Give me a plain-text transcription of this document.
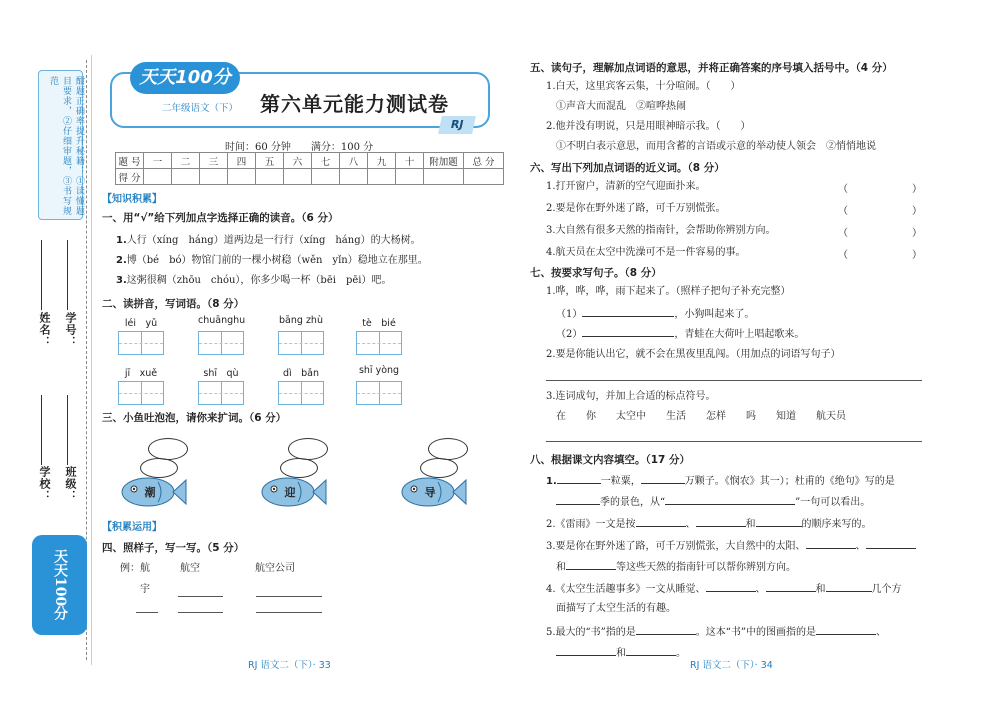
酣题正确率提升秘籍：①读懂题目要求，②仔细审题，③书写规范
姓名： 学号：
学校： 班级：
天天100分
天天100分
二年级语文（下）	第六单元能力测试卷
RJ
时间：60 分钟　　满分：100 分
题 号	一	二	三	四	五	六	七	八	九	十	附加题	总 分
得 分												
【知识积累】
一、用“√”给下列加点字选择正确的读音。（6 分）
1.人行（xíng　háng）道两边是一行行（xíng　háng）的大杨树。
2.博（bé　bó）物馆门前的一棵小树稳（wěn　yǐn）稳地立在那里。
3.这粥很稠（zhōu　chóu），你多少喝一杯（bēi　pēi）吧。
二、读拼音，写词语。（8 分）
léi　yǔ	chuānghu	bāng zhù	tè　bié
jī　xuě	shī　qù	dì　bǎn	shī yòng
三、小鱼吐泡泡，请你来扩词。（6 分）
潮	迎	导
【积累运用】
四、照样子，写一写。（5 分）
例：航	航空	航空公司
宇
RJ 语文二（下）· 33
五、读句子，理解加点词语的意思，并将正确答案的序号填入括号中。（4 分）
1.白天，这里宾客云集，十分喧闹。（　　）
①声音大而混乱　②喧哗热闹
2.他并没有明说，只是用眼神暗示我。（　　）
①不明白表示意思，而用含蓄的言语或示意的举动使人领会　②悄悄地说
六、写出下列加点词语的近义词。（8 分）
1.打开窗户，清新的空气迎面扑来。	（	）
2.要是你在野外迷了路，可千万别慌张。	（	）
3.大自然有很多天然的指南针，会帮助你辨别方向。	（	）
4.航天员在太空中洗澡可不是一件容易的事。	（	）
七、按要求写句子。（8 分）
1.哗，哗，哗，雨下起来了。（照样子把句子补充完整）
（1）	，小狗叫起来了。
（2）	，青蛙在大荷叶上唱起歌来。
2.要是你能认出它，就不会在黑夜里乱闯。（用加点的词语写句子）
3.连词成句，并加上合适的标点符号。
在　　你　　太空中　　生活　　怎样　　吗　　知道　　航天员
八、根据课文内容填空。（17 分）
1.	一粒粟，	万颗子。《悯农》其一）；杜甫的《绝句》写的是
季的景色，从“	”一句可以看出。
2.《雷雨》一文是按	、	和	的顺序来写的。
3.要是你在野外迷了路，可千万别慌张，大自然中的太阳、	、
和	等这些天然的指南针可以帮你辨别方向。
4.《太空生活趣事多》一文从睡觉、	、	和	几个方
面描写了太空生活的有趣。
5.最大的“书”指的是	。这本“书”中的图画指的是	、
和	。
RJ 语文二（下）· 34
